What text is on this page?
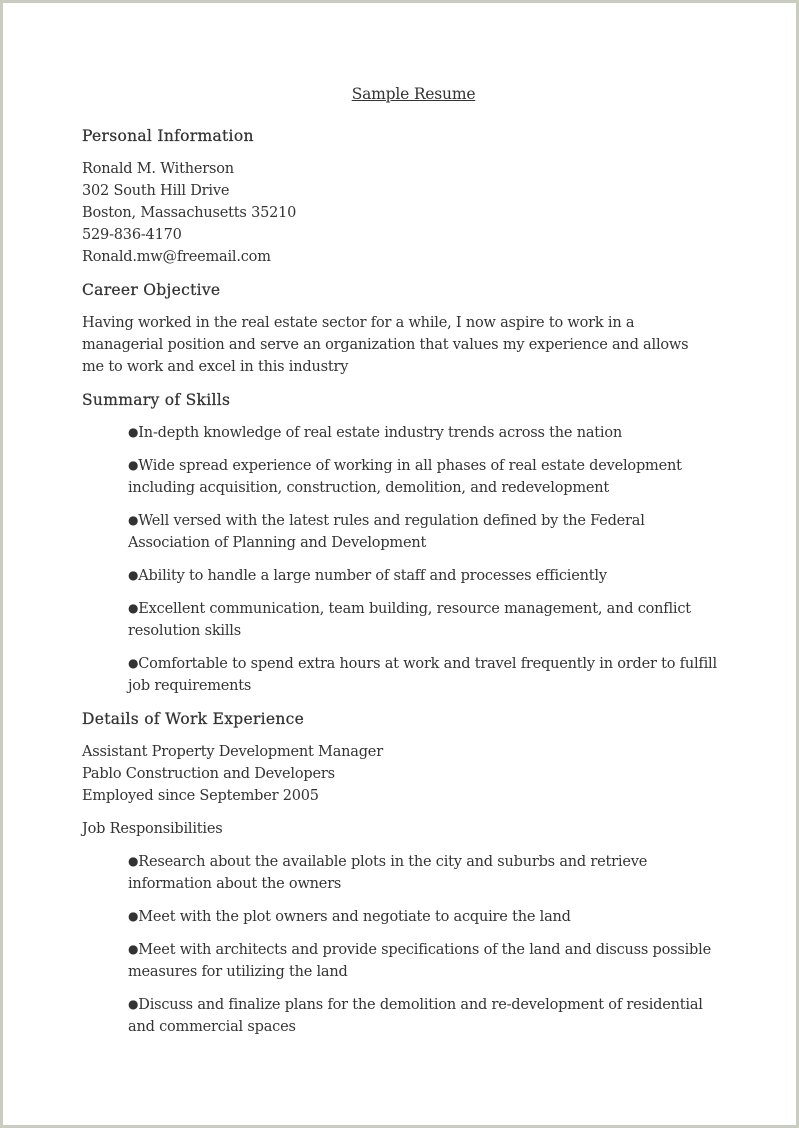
Sample Resume
Personal Information
Ronald M. Witherson
302 South Hill Drive
Boston, Massachusetts 35210
529-836-4170
Ronald.mw@freemail.com
Career Objective
Having worked in the real estate sector for a while, I now aspire to work in a managerial position and serve an organization that values my experience and allows me to work and excel in this industry
Summary of Skills
●In-depth knowledge of real estate industry trends across the nation
●Wide spread experience of working in all phases of real estate development including acquisition, construction, demolition, and redevelopment
●Well versed with the latest rules and regulation defined by the Federal Association of Planning and Development
●Ability to handle a large number of staff and processes efficiently
●Excellent communication, team building, resource management, and conflict resolution skills
●Comfortable to spend extra hours at work and travel frequently in order to fulfill job requirements
Details of Work Experience
Assistant Property Development Manager
Pablo Construction and Developers
Employed since September 2005
Job Responsibilities
●Research about the available plots in the city and suburbs and retrieve information about the owners
●Meet with the plot owners and negotiate to acquire the land
●Meet with architects and provide specifications of the land and discuss possible measures for utilizing the land
●Discuss and finalize plans for the demolition and re-development of residential and commercial spaces
